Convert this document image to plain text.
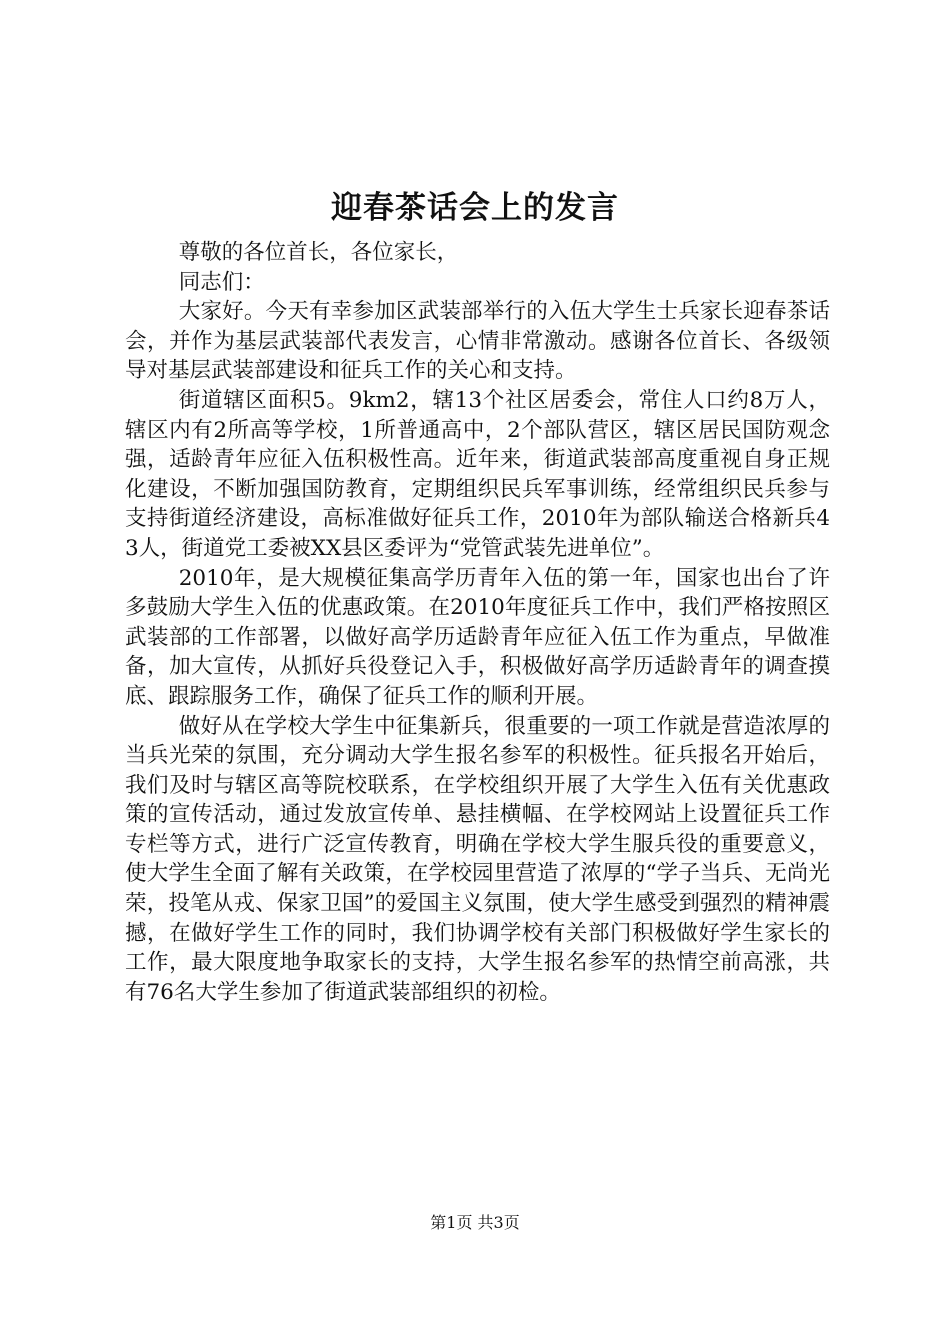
迎春茶话会上的发言

尊敬的各位首长，各位家长，

同志们：

大家好。今天有幸参加区武装部举行的入伍大学生士兵家长迎春茶话会，并作为基层武装部代表发言，心情非常激动。感谢各位首长、各级领导对基层武装部建设和征兵工作的关心和支持。

街道辖区面积5。9km2，辖13个社区居委会，常住人口约8万人，辖区内有2所高等学校，1所普通高中，2个部队营区，辖区居民国防观念强，适龄青年应征入伍积极性高。近年来，街道武装部高度重视自身正规化建设，不断加强国防教育，定期组织民兵军事训练，经常组织民兵参与支持街道经济建设，高标准做好征兵工作，2010年为部队输送合格新兵43人，街道党工委被XX县区委评为“党管武装先进单位”。

2010年，是大规模征集高学历青年入伍的第一年，国家也出台了许多鼓励大学生入伍的优惠政策。在2010年度征兵工作中，我们严格按照区武装部的工作部署，以做好高学历适龄青年应征入伍工作为重点，早做准备，加大宣传，从抓好兵役登记入手，积极做好高学历适龄青年的调查摸底、跟踪服务工作，确保了征兵工作的顺利开展。

做好从在学校大学生中征集新兵，很重要的一项工作就是营造浓厚的当兵光荣的氛围，充分调动大学生报名参军的积极性。征兵报名开始后，我们及时与辖区高等院校联系，在学校组织开展了大学生入伍有关优惠政策的宣传活动，通过发放宣传单、悬挂横幅、在学校网站上设置征兵工作专栏等方式，进行广泛宣传教育，明确在学校大学生服兵役的重要意义，使大学生全面了解有关政策，在学校园里营造了浓厚的“学子当兵、无尚光荣，投笔从戎、保家卫国”的爱国主义氛围，使大学生感受到强烈的精神震撼，在做好学生工作的同时，我们协调学校有关部门积极做好学生家长的工作，最大限度地争取家长的支持，大学生报名参军的热情空前高涨，共有76名大学生参加了街道武装部组织的初检。

第1页 共3页
